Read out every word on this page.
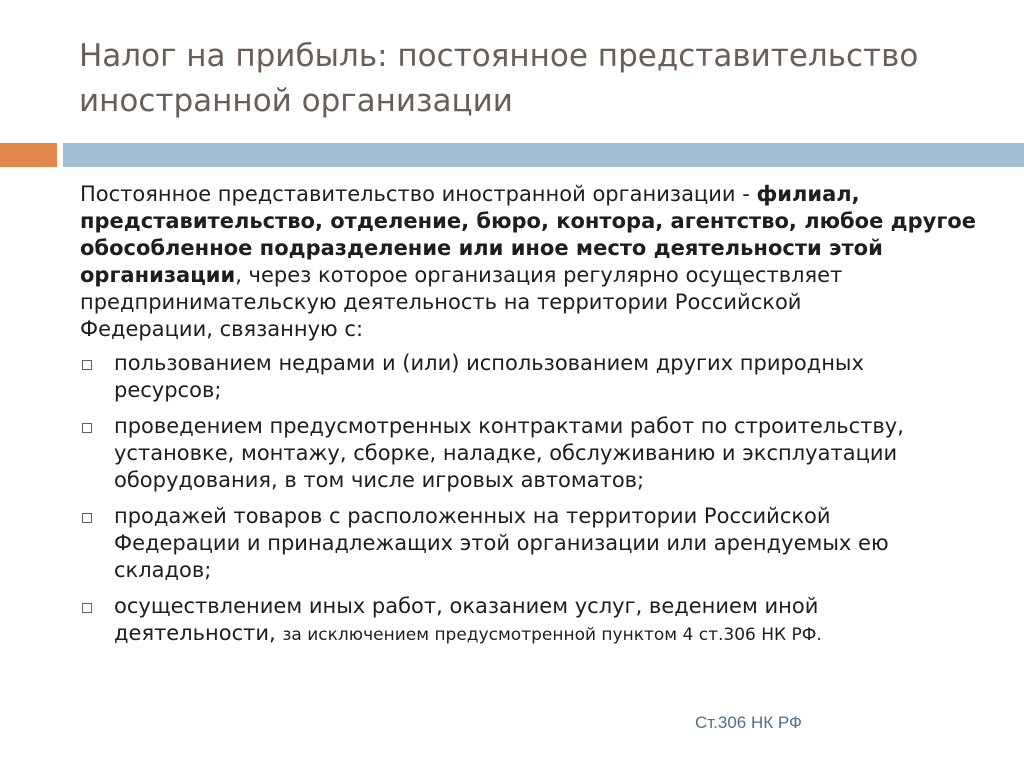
Налог на прибыль: постоянное представительство
иностранной организации

Постоянное представительство иностранной организации - филиал,
представительство, отделение, бюро, контора, агентство, любое другое
обособленное подразделение или иное место деятельности этой
организации, через которое организация регулярно осуществляет
предпринимательскую деятельность на территории Российской
Федерации, связанную с:

пользованием недрами и (или) использованием других природных
ресурсов;
проведением предусмотренных контрактами работ по строительству,
установке, монтажу, сборке, наладке, обслуживанию и эксплуатации
оборудования, в том числе игровых автоматов;
продажей товаров с расположенных на территории Российской
Федерации и принадлежащих этой организации или арендуемых ею
складов;
осуществлением иных работ, оказанием услуг, ведением иной
деятельности, за исключением предусмотренной пунктом 4 ст.306 НК РФ.
Ст.306 НК РФ
